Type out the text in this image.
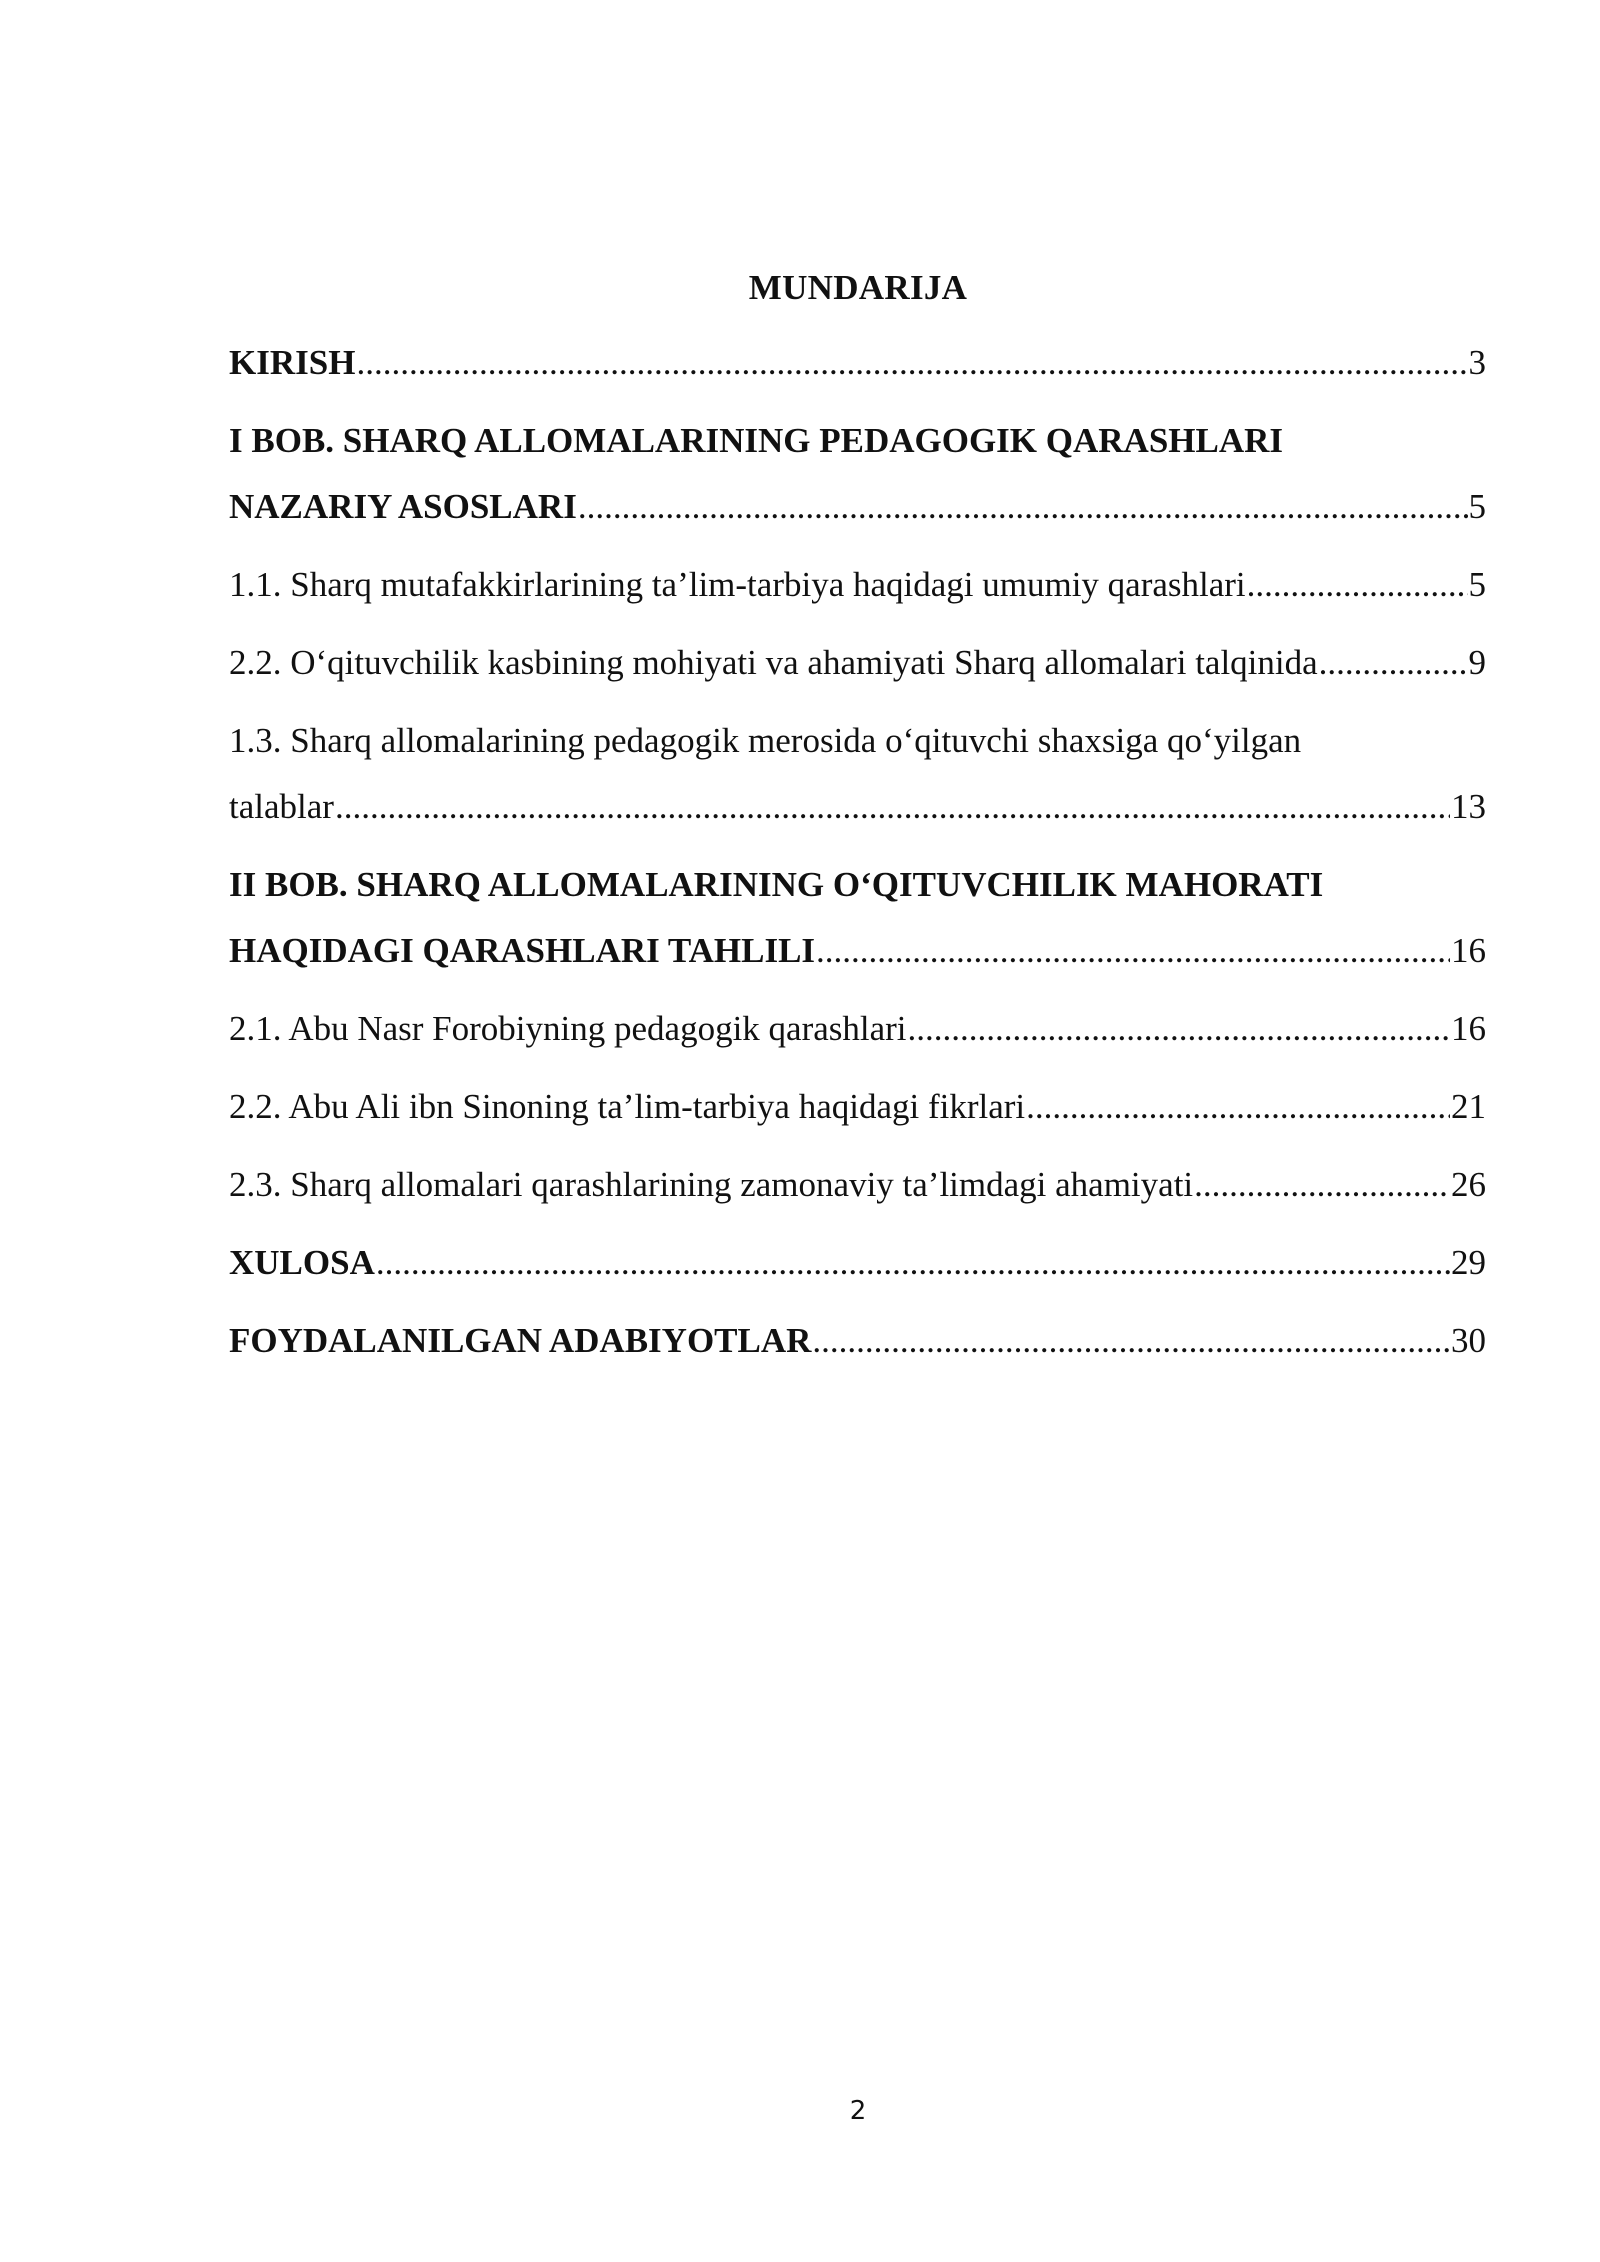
MUNDARIJA
KIRISH .....	3
I BOB. SHARQ ALLOMALARINING PEDAGOGIK QARASHLARI
NAZARIY ASOSLARI .....	5
1.1. Sharq mutafakkirlarining ta’lim-tarbiya haqidagi umumiy qarashlari .....	5
2.2. O‘qituvchilik kasbining mohiyati va ahamiyati Sharq allomalari talqinida .....	9
1.3. Sharq allomalarining pedagogik merosida o‘qituvchi shaxsiga qo‘yilgan
talablar .....	13
II BOB. SHARQ ALLOMALARINING O‘QITUVCHILIK MAHORATI
HAQIDAGI QARASHLARI TAHLILI .....	16
2.1. Abu Nasr Forobiyning pedagogik qarashlari .....	16
2.2. Abu Ali ibn Sinoning ta’lim-tarbiya haqidagi fikrlari .....	21
2.3. Sharq allomalari qarashlarining zamonaviy ta’limdagi ahamiyati .....	26
XULOSA .....	29
FOYDALANILGAN ADABIYOTLAR .....	30
2
